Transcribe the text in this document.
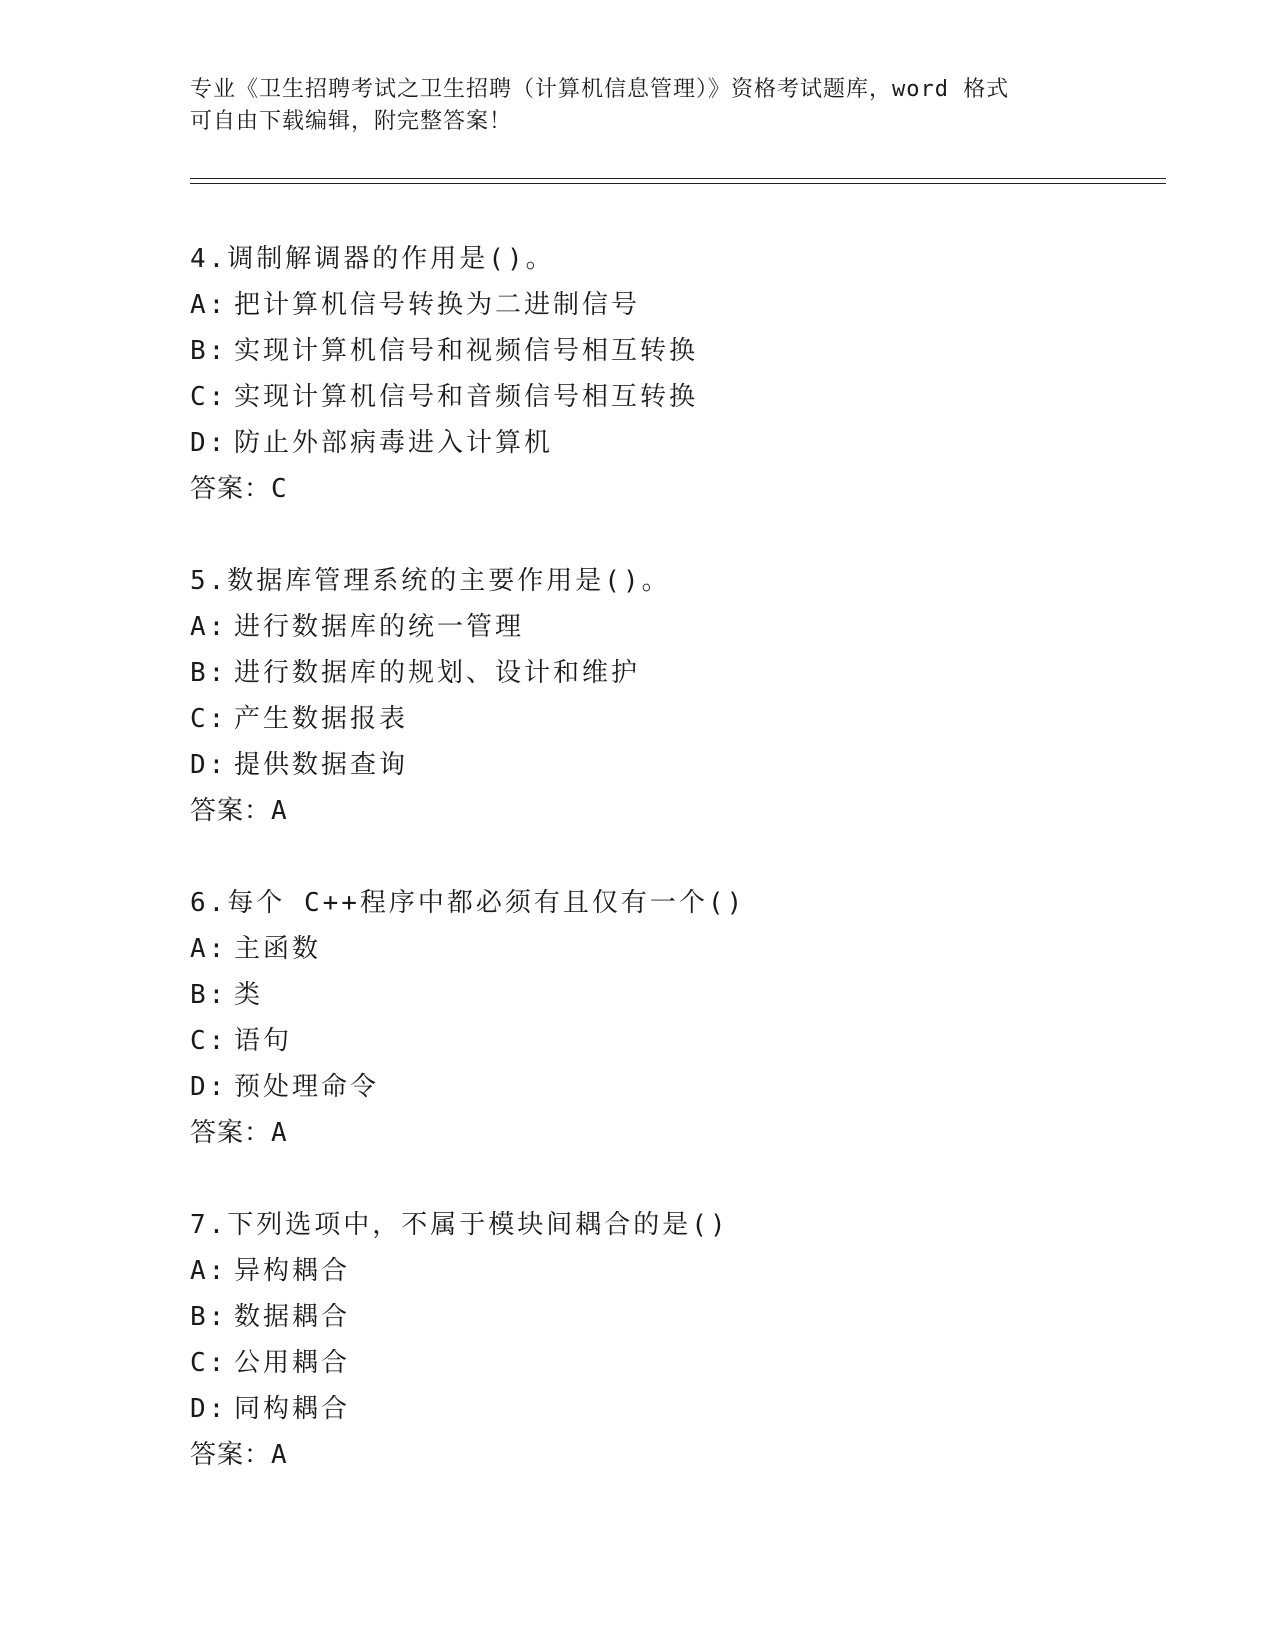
专业《卫生招聘考试之卫生招聘（计算机信息管理）》资格考试题库，word 格式
可自由下载编辑，附完整答案！
4.调制解调器的作用是()。
A: 把计算机信号转换为二进制信号
B: 实现计算机信号和视频信号相互转换
C: 实现计算机信号和音频信号相互转换
D: 防止外部病毒进入计算机
答案：C
5.数据库管理系统的主要作用是()。
A: 进行数据库的统一管理
B: 进行数据库的规划、设计和维护
C: 产生数据报表
D: 提供数据查询
答案：A
6.每个 C++程序中都必须有且仅有一个()
A: 主函数
B: 类
C: 语句
D: 预处理命令
答案：A
7.下列选项中，不属于模块间耦合的是()
A: 异构耦合
B: 数据耦合
C: 公用耦合
D: 同构耦合
答案：A
